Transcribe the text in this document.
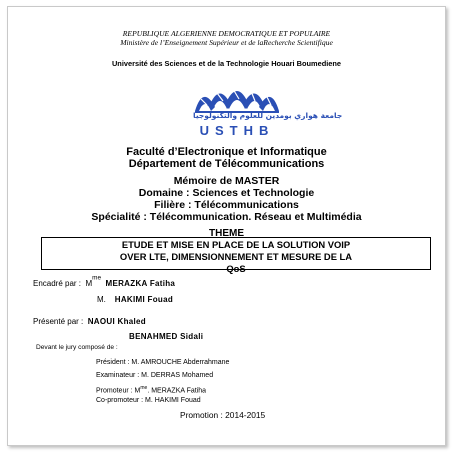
REPUBLIQUE ALGERIENNE DEMOCRATIQUE ET POPULAIRE
Ministère de l’Enseignement Supérieur et de laRecherche Scientifique
Université des Sciences et de la Technologie Houari Boumediene
جامعة هواري بومدين للعلوم والتكنولوجيا
USTHB
Faculté d’Electronique et Informatique
Département de Télécommunications
Mémoire de MASTER
Domaine : Sciences et Technologie
Filière : Télécommunications
Spécialité : Télécommunication. Réseau et Multimédia
THEME
ETUDE ET MISE EN PLACE DE LA SOLUTION VOIP
OVER LTE, DIMENSIONNEMENT ET MESURE DE LA
QoS
Encadré par : $M^{me}$ MERAZKA Fatiha
M. HAKIMI Fouad
Présenté par : NAOUI Khaled
BENAHMED Sidali
Devant le jury composé de :
Président : M. AMROUCHE Abderrahmane
Examinateur : M. DERRAS Mohamed
Promoteur : $M^{me}$. MERAZKA Fatiha
Co-promoteur : M. HAKIMI Fouad
Promotion : 2014-2015
